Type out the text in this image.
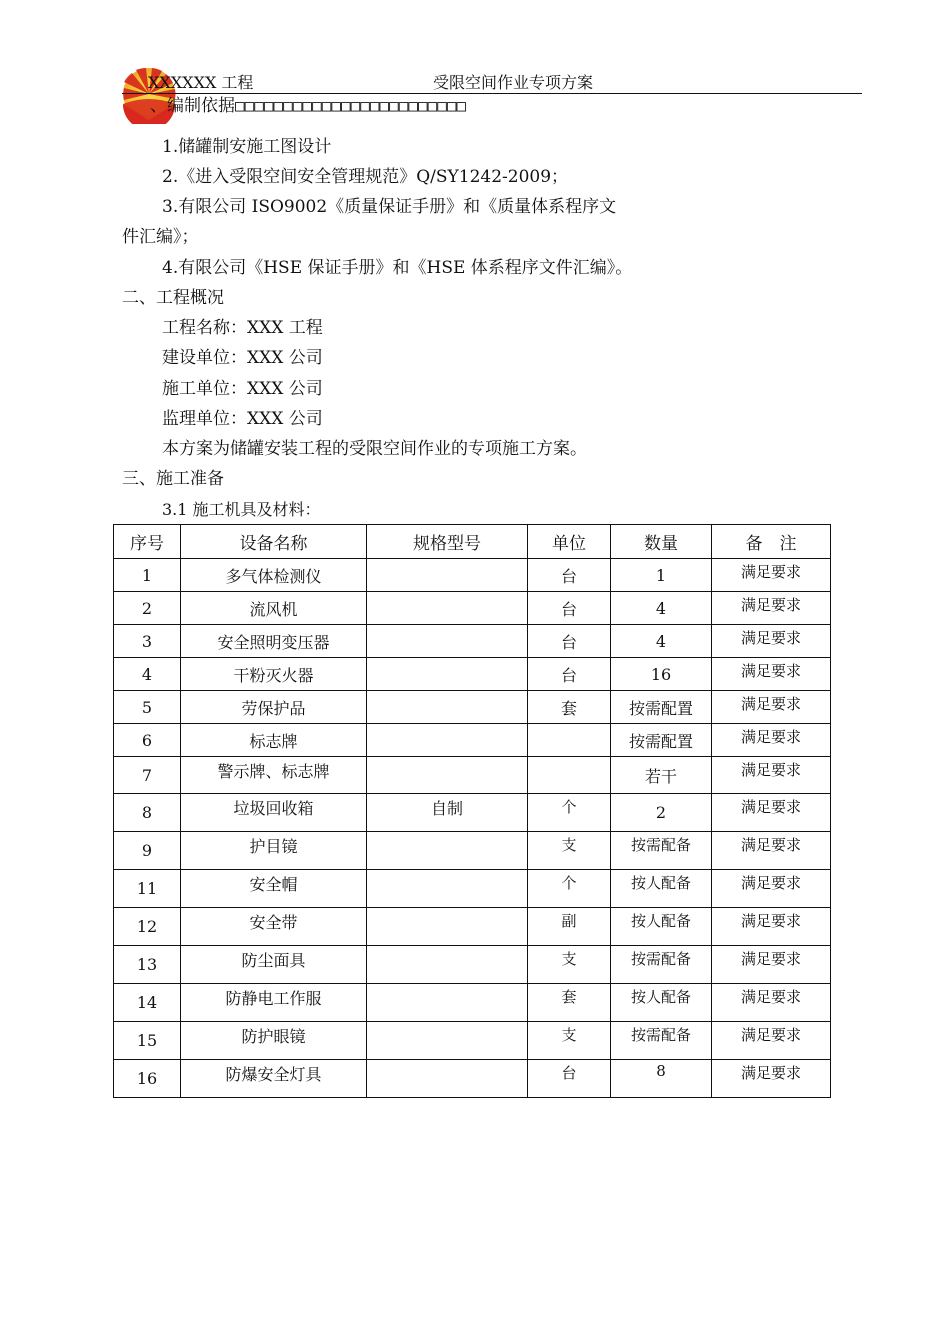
XXXXXX 工程	受限空间作业专项方案
、编制依据□□□□□□□□□□□□□□□□□□□□□□□□
1.储罐制安施工图设计
2.《进入受限空间安全管理规范》Q/SY1242-2009；
3.有限公司 ISO9002《质量保证手册》和《质量体系程序文
件汇编》；
4.有限公司《HSE 保证手册》和《HSE 体系程序文件汇编》。
二、工程概况
工程名称：XXX 工程
建设单位：XXX 公司
施工单位：XXX 公司
监理单位：XXX 公司
本方案为储罐安装工程的受限空间作业的专项施工方案。
三、施工准备
3.1 施工机具及材料：
序号	设备名称	规格型号	单位	数量	备　注
1	多气体检测仪		台	1	满足要求
2	流风机		台	4	满足要求
3	安全照明变压器		台	4	满足要求
4	干粉灭火器		台	16	满足要求
5	劳保护品		套	按需配置	满足要求
6	标志牌			按需配置	满足要求
7	警示牌、标志牌			若干	满足要求
8	垃圾回收箱	自制	个	2	满足要求
9	护目镜		支	按需配备	满足要求
11	安全帽		个	按人配备	满足要求
12	安全带		副	按人配备	满足要求
13	防尘面具		支	按需配备	满足要求
14	防静电工作服		套	按人配备	满足要求
15	防护眼镜		支	按需配备	满足要求
16	防爆安全灯具		台	8	满足要求
